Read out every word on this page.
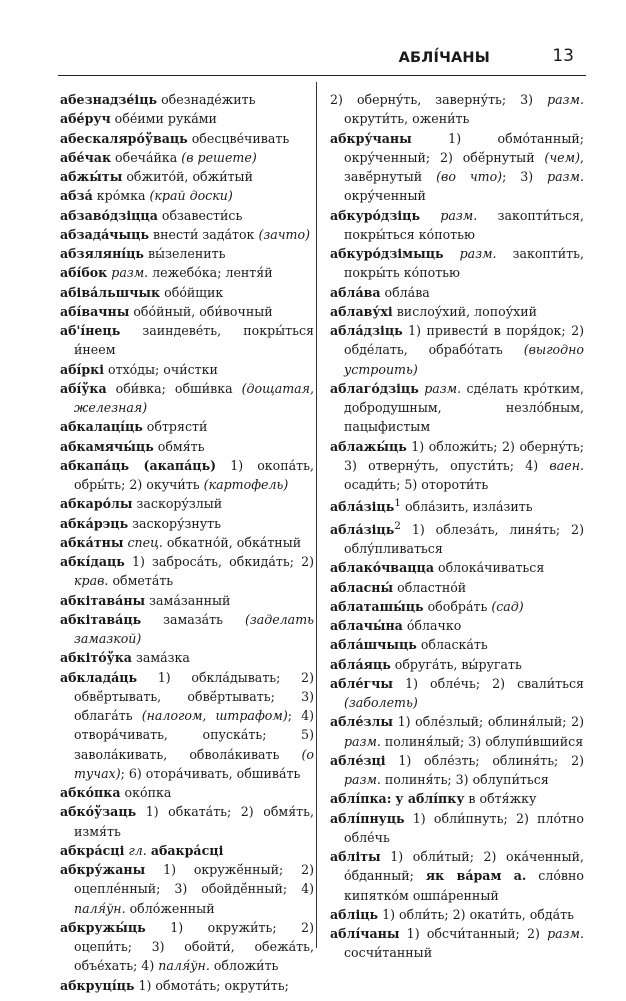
АБЛІ́ЧАНЫ	13

абезнадзе́іць обезнаде́жить

абе́руч обе́ими рука́ми

абескаляро́ўваць обесцве́чивать

абе́чак обеча́йка (в решете)

абжы́ты обжито́й, обжи́тый

абза́ кро́мка (край доски)

абзаво́дзіцца обзавести́сь

абзада́чыць внести́ зада́ток (зачто)

абзяляні́ць вы́зеленить

абі́бок разм. лежебо́ка; лентя́й

абіва́льшчык обо́йщик

абі́вачны обо́йный, оби́вочный

аб'і́нець заиндеве́ть, покры́ться и́неем

абі́ркі отхо́ды; очи́стки

абі́ўка оби́вка; обши́вка (дощатая, железная)

абкалаці́ць обтрясти́

абкамячы́ць обмя́ть

абкапа́ць (акапа́ць) 1) окопа́ть, обры́ть; 2) окучи́ть (картофель)

абкаро́лы заскору́злый

абка́рэць заскору́знуть

абка́тны спец. обкатно́й, обка́тный

абкі́даць 1) заброса́ть, обкида́ть; 2) крав. обмета́ть

абкітава́ны зама́занный

абкітава́ць замаза́ть (заделать замазкой)

абкіто́ўка зама́зка

абклада́ць 1) обкла́дывать; 2) обвё́ртывать, обвё́ртывать; 3) облага́ть (налогом, штрафом); 4) отвора́чивать, опуска́ть; 5) завола́кивать, обвола́кивать (о тучах); 6) отора́чивать, обшива́ть

абко́пка око́пка

абко́ўзаць 1) обката́ть; 2) обмя́ть, измя́ть

абкра́сці гл. абакра́сці

абкру́жаны 1) окружё́нный; 2) оцепле́нный; 3) обойдё́нный; 4) паля́ўн. обло́женный

абкружы́ць 1) окружи́ть; 2) оцепи́ть; 3) обойти́, обежа́ть, объе́хать; 4) паля́ўн. обложи́ть

абкруці́ць 1) обмота́ть; окрути́ть;

2) оберну́ть, заверну́ть; 3) разм. окрути́ть, ожени́ть

абкру́чаны 1) обмо́танный; окру́ченный; 2) обё́рнутый (чем), завё́рнутый (во что); 3) разм. окру́ченный

абкуро́дзіць разм. закопти́ться, покры́ться ко́потью

абкуро́дзімыць разм. закопти́ть, покры́ть ко́потью

абла́ва обла́ва

аблаву́хі вислоу́хий, лопоу́хий

абла́дзіць 1) привести́ в поря́док; 2) обде́лать, обрабо́тать (выгодно устроить)

аблаго́дзіць разм. сде́лать кро́тким, добродушным, незло́бным, пацыфистым

аблажы́ць 1) обложи́ть; 2) оберну́ть; 3) отверну́ть, опусти́ть; 4) ваен. осади́ть; 5) отороти́ть

абла́зіць$^1$ обла́зить, изла́зить

абла́зіць$^2$ 1) облеза́ть, линя́ть; 2) облу́пливаться

аблако́чвацца облока́чиваться

абласны́ областно́й

аблаташы́ць обобра́ть (сад)

аблачы́на о́блачко

абла́шчыць обласка́ть

абла́яць обруга́ть, вы́ругать

абле́гчы 1) обле́чь; 2) свали́ться (заболеть)

абле́злы 1) обле́злый; облиня́лый; 2) разм. полиня́лый; 3) облупи́вшийся

абле́зці 1) обле́зть; облиня́ть; 2) разм. полиня́ть; 3) облупи́ться

аблі́пка: у аблі́пку в обтя́жку

аблі́пнуць 1) обли́пнуть; 2) пло́тно обле́чь

абліты 1) обли́тый; 2) ока́ченный, о́бданный; як ва́рам а. сло́вно кипятко́м ошпа́ренный

абліць 1) обли́ть; 2) окати́ть, обда́ть

аблі́чаны 1) обсчи́танный; 2) разм. сосчи́танный
